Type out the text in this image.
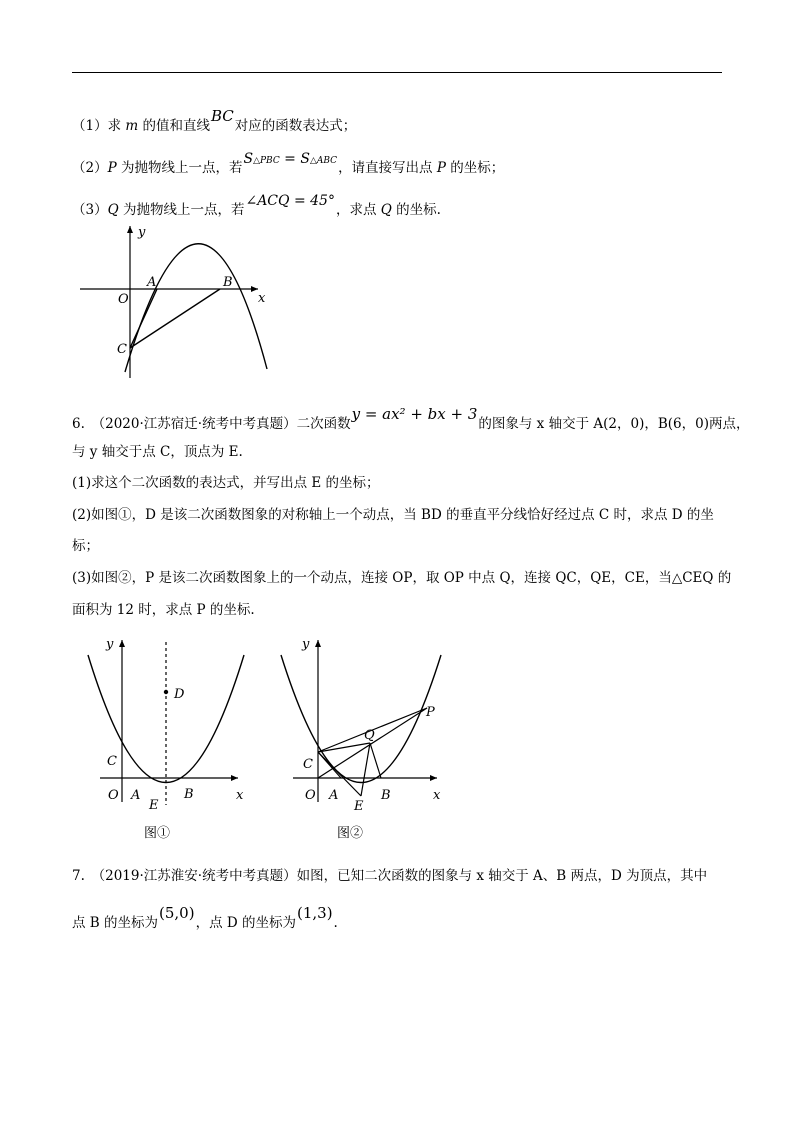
（1）求 m 的值和直线BC对应的函数表达式；
（2）P 为抛物线上一点，若S△PBC = S△ABC，请直接写出点 P 的坐标；
（3）Q 为抛物线上一点，若∠ACQ = 45°，求点 Q 的坐标.
y
x
O
A	B
C
6.　（2020·江苏宿迁·统考中考真题）二次函数y = ax² + bx + 3的图象与 x 轴交于 A(2，0)，B(6，0)两点，
与 y 轴交于点 C，顶点为 E.
(1)求这个二次函数的表达式，并写出点 E 的坐标；
(2)如图①，D 是该二次函数图象的对称轴上一个动点，当 BD 的垂直平分线恰好经过点 C 时，求点 D 的坐
标；
(3)如图②，P 是该二次函数图象上的一个动点，连接 OP，取 OP 中点 Q，连接 QC，QE，CE，当△CEQ 的
面积为 12 时，求点 P 的坐标.
y
x
O
C
A
E
B
D
图①
y
x
O
C
A
E
B
Q
P
图②
7.　（2019·江苏淮安·统考中考真题）如图，已知二次函数的图象与 x 轴交于 A、B 两点，D 为顶点，其中
点 B 的坐标为(5,0)，点 D 的坐标为(1,3).
